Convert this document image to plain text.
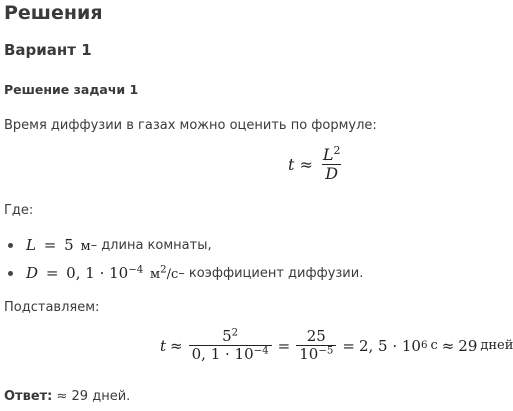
Решения
Вариант 1
Решение задачи 1
Время диффузии в газах можно оценить по формуле:
$t \approx \frac{L^2}{D}$
Где:
L = 5 м – длина комнаты,
D = 0, $1 \cdot 10^{-4}$ $м^2/с$ – коэффициент диффузии.
Подставляем:
$t \approx \frac{5^2}{0, 1 \cdot 10^{-4}} = \frac{25}{10^{-5}} = 2$, 5 · 10 6 с ≈ 29 дней
Ответ: ≈ 29 дней.
